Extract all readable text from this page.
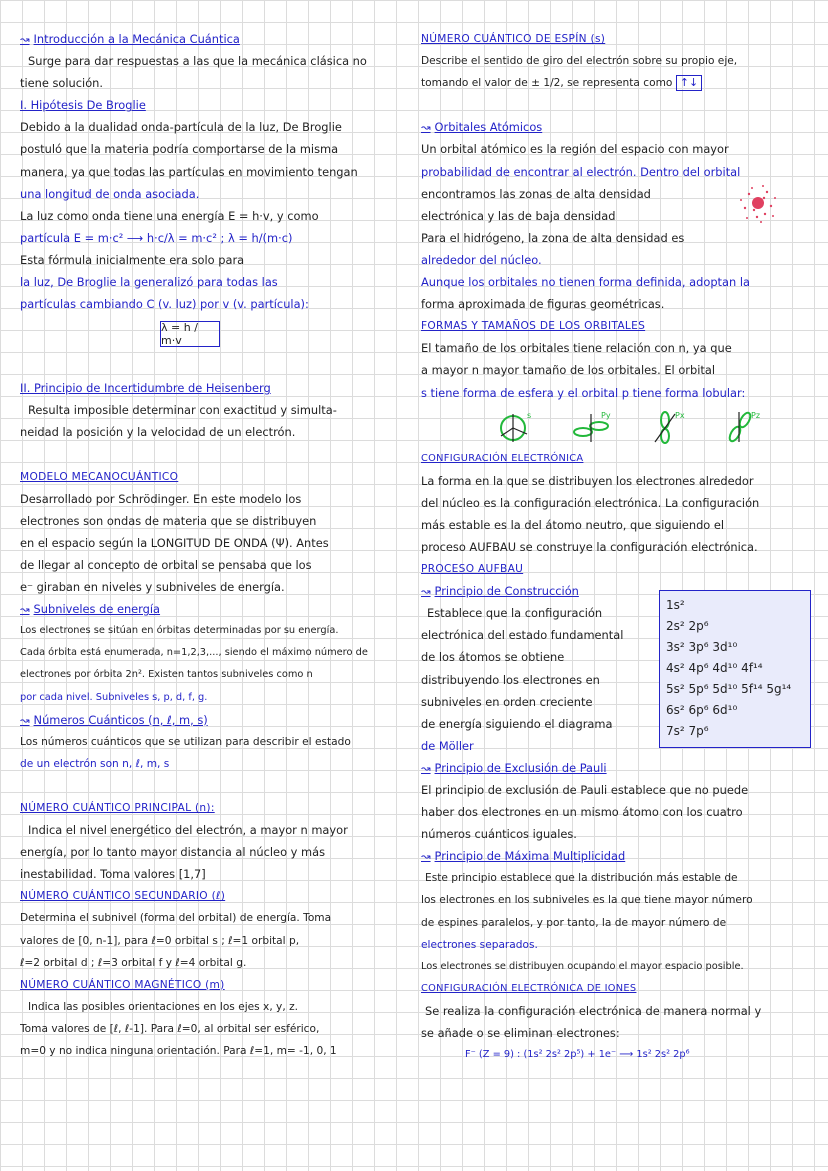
↝ Introducción a la Mecánica Cuántica
Surge para dar respuestas a las que la mecánica clásica no
tiene solución.
I. Hipótesis De Broglie
Debido a la dualidad onda-partícula de la luz, De Broglie
postuló que la materia podría comportarse de la misma
manera, ya que todas las partículas en movimiento tengan
una longitud de onda asociada.
La luz como onda tiene una energía E = h·v, y como
partícula E = m·c² ⟶ h·c/λ = m·c² ; λ = h/(m·c)
Esta fórmula inicialmente era solo para
la luz, De Broglie la generalizó para todas las
partículas cambiando C (v. luz) por v (v. partícula):
λ = h / m·v
II. Principio de Incertidumbre de Heisenberg
Resulta imposible determinar con exactitud y simulta-
neidad la posición y la velocidad de un electrón.
MODELO MECANOCUÁNTICO
Desarrollado por Schrödinger. En este modelo los
electrones son ondas de materia que se distribuyen
en el espacio según la LONGITUD DE ONDA (Ψ). Antes
de llegar al concepto de orbital se pensaba que los
e⁻ giraban en niveles y subniveles de energía.
↝ Subniveles de energía
Los electrones se sitúan en órbitas determinadas por su energía.
Cada órbita está enumerada, n=1,2,3,..., siendo el máximo número de
electrones por órbita 2n². Existen tantos subniveles como n
por cada nivel. Subniveles s, p, d, f, g.
↝ Números Cuánticos (n, ℓ, m, s)
Los números cuánticos que se utilizan para describir el estado
de un electrón son n, ℓ, m, s
NÚMERO CUÁNTICO PRINCIPAL (n):
Indica el nivel energético del electrón, a mayor n mayor
energía, por lo tanto mayor distancia al núcleo y más
inestabilidad. Toma valores [1,7]
NÚMERO CUÁNTICO SECUNDARIO (ℓ)
Determina el subnivel (forma del orbital) de energía. Toma
valores de [0, n-1], para ℓ=0 orbital s ; ℓ=1 orbital p,
ℓ=2 orbital d ; ℓ=3 orbital f y ℓ=4 orbital g.
NÚMERO CUÁNTICO MAGNÉTICO (m)
Indica las posibles orientaciones en los ejes x, y, z.
Toma valores de [ℓ, ℓ-1]. Para ℓ=0, al orbital ser esférico,
m=0 y no indica ninguna orientación. Para ℓ=1, m= -1, 0, 1
NÚMERO CUÁNTICO DE ESPÍN (s)
Describe el sentido de giro del electrón sobre su propio eje,
tomando el valor de ± 1/2, se representa como ↑↓
↝ Orbitales Atómicos
Un orbital atómico es la región del espacio con mayor
probabilidad de encontrar al electrón. Dentro del orbital
encontramos las zonas de alta densidad
electrónica y las de baja densidad
Para el hidrógeno, la zona de alta densidad es
alrededor del núcleo.
Aunque los orbitales no tienen forma definida, adoptan la
forma aproximada de figuras geométricas.
FORMAS Y TAMAÑOS DE LOS ORBITALES
El tamaño de los orbitales tiene relación con n, ya que
a mayor n mayor tamaño de los orbitales. El orbital
s tiene forma de esfera y el orbital p tiene forma lobular:
s	Py	Px	Pz
CONFIGURACIÓN ELECTRÓNICA
La forma en la que se distribuyen los electrones alrededor
del núcleo es la configuración electrónica. La configuración
más estable es la del átomo neutro, que siguiendo el
proceso AUFBAU se construye la configuración electrónica.
PROCESO AUFBAU
↝ Principio de Construcción
Establece que la configuración
electrónica del estado fundamental
de los átomos se obtiene
distribuyendo los electrones en
subniveles en orden creciente
de energía siguiendo el diagrama
de Möller
1s²
2s² 2p⁶
3s² 3p⁶ 3d¹⁰
4s² 4p⁶ 4d¹⁰ 4f¹⁴
5s² 5p⁶ 5d¹⁰ 5f¹⁴ 5g¹⁴
6s² 6p⁶ 6d¹⁰
7s² 7p⁶
↝ Principio de Exclusión de Pauli
El principio de exclusión de Pauli establece que no puede
haber dos electrones en un mismo átomo con los cuatro
números cuánticos iguales.
↝ Principio de Máxima Multiplicidad
Este principio establece que la distribución más estable de
los electrones en los subniveles es la que tiene mayor número
de espines paralelos, y por tanto, la de mayor número de
electrones separados.
Los electrones se distribuyen ocupando el mayor espacio posible.
CONFIGURACIÓN ELECTRÓNICA DE IONES
Se realiza la configuración electrónica de manera normal y
se añade o se eliminan electrones:
F⁻ (Z = 9) : (1s² 2s² 2p⁵) + 1e⁻ ⟶ 1s² 2s² 2p⁶
